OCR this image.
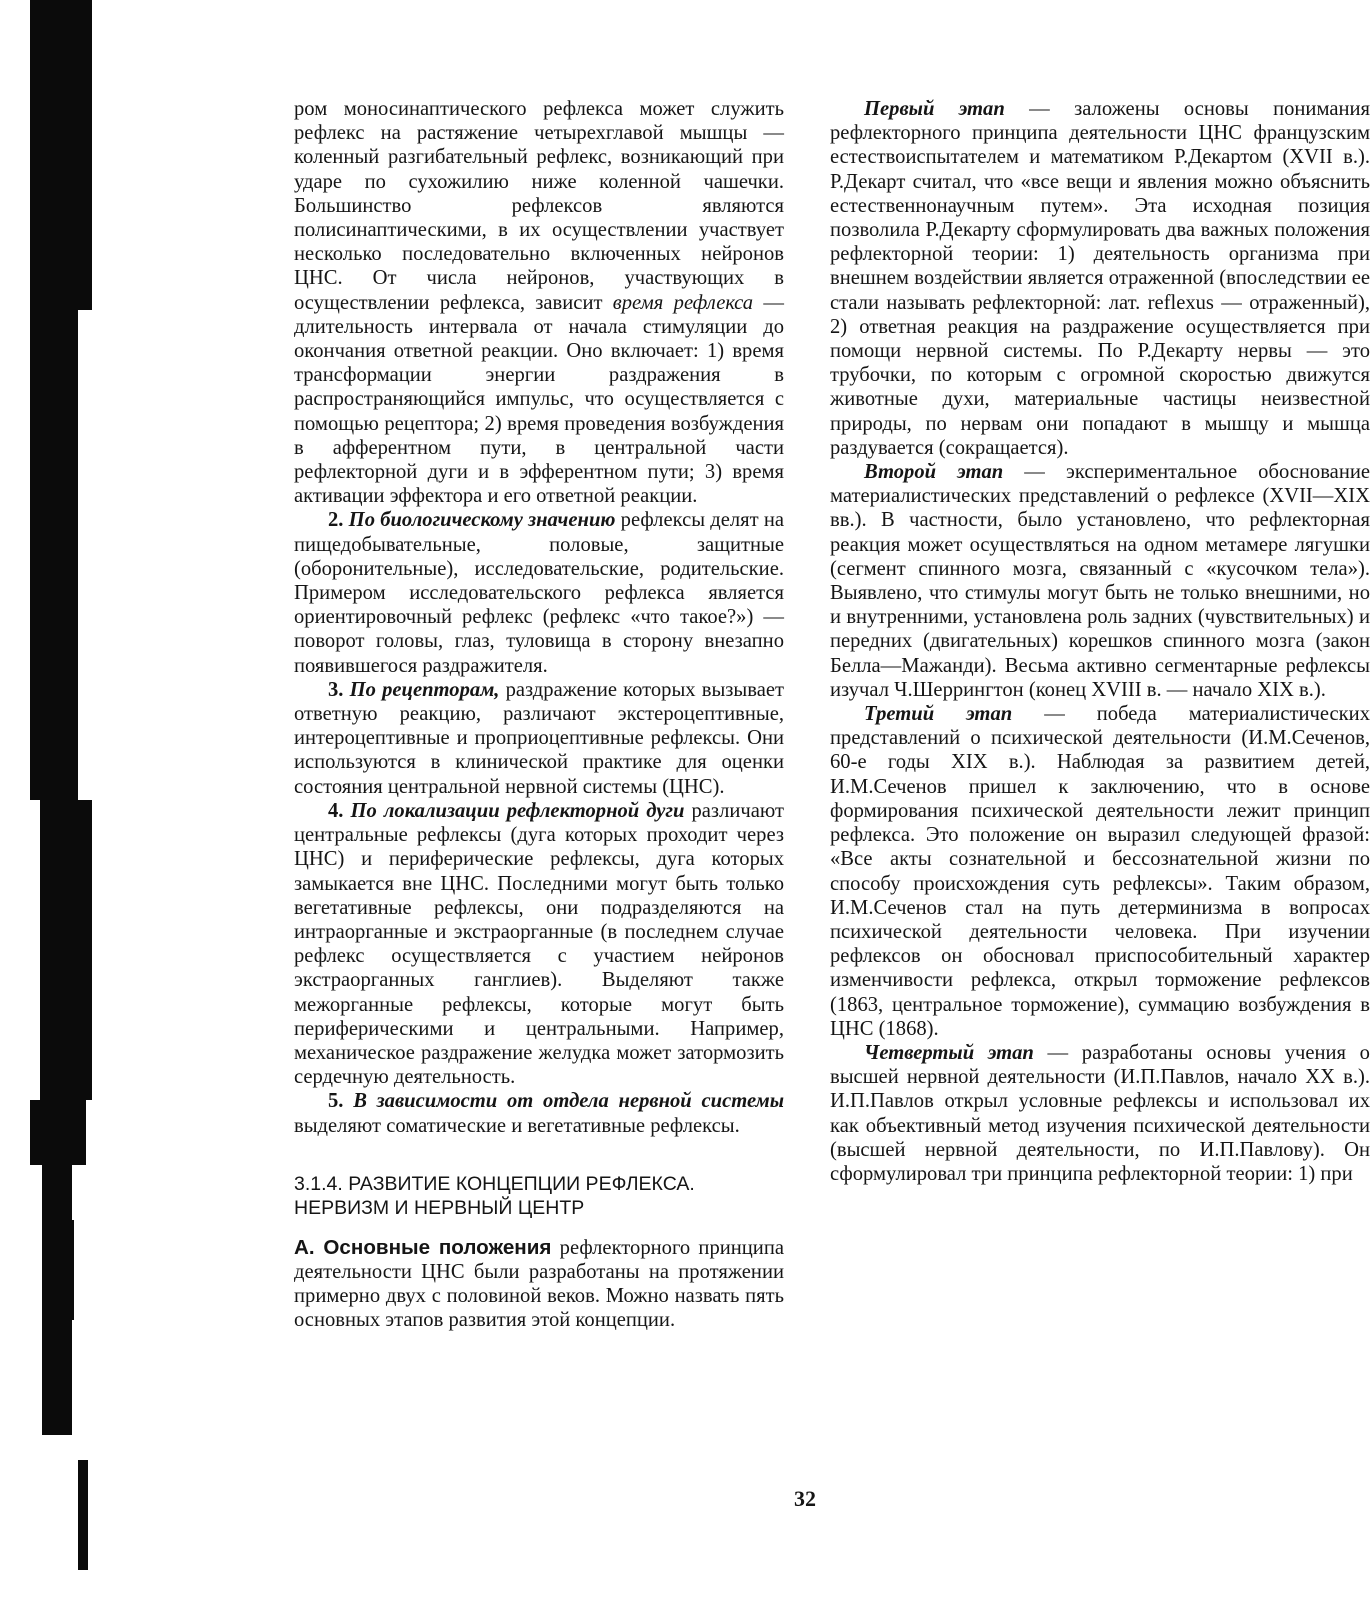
ром моносинаптического рефлекса может служить рефлекс на растяжение четырехглавой мышцы — коленный разгибательный рефлекс, возникающий при ударе по сухожилию ниже коленной чашечки. Большинство рефлексов являются полисинаптическими, в их осуществлении участвует несколько последовательно включенных нейронов ЦНС. От числа нейронов, участвующих в осуществлении рефлекса, зависит время рефлекса — длительность интервала от начала стимуляции до окончания ответной реакции. Оно включает: 1) время трансформации энергии раздражения в распространяющийся импульс, что осуществляется с помощью рецептора; 2) время проведения возбуждения в афферентном пути, в центральной части рефлекторной дуги и в эфферентном пути; 3) время активации эффектора и его ответной реакции.

2. По биологическому значению рефлексы делят на пищедобывательные, половые, защитные (оборонительные), исследовательские, родительские. Примером исследовательского рефлекса является ориентировочный рефлекс (рефлекс «что такое?») — поворот головы, глаз, туловища в сторону внезапно появившегося раздражителя.

3. По рецепторам, раздражение которых вызывает ответную реакцию, различают экстероцептивные, интероцептивные и проприоцептивные рефлексы. Они используются в клинической практике для оценки состояния центральной нервной системы (ЦНС).

4. По локализации рефлекторной дуги различают центральные рефлексы (дуга которых проходит через ЦНС) и периферические рефлексы, дуга которых замыкается вне ЦНС. Последними могут быть только вегетативные рефлексы, они подразделяются на интраорганные и экстраорганные (в последнем случае рефлекс осуществляется с участием нейронов экстраорганных ганглиев). Выделяют также межорганные рефлексы, которые могут быть периферическими и центральными. Например, механическое раздражение желудка может затормозить сердечную деятельность.

5. В зависимости от отдела нервной системы выделяют соматические и вегетативные рефлексы.

3.1.4. РАЗВИТИЕ КОНЦЕПЦИИ РЕФЛЕКСА.
НЕРВИЗМ И НЕРВНЫЙ ЦЕНТР

А. Основные положения рефлекторного принципа деятельности ЦНС были разработаны на протяжении примерно двух с половиной веков. Можно назвать пять основных этапов развития этой концепции.

Первый этап — заложены основы понимания рефлекторного принципа деятельности ЦНС французским естествоиспытателем и математиком Р.Декартом (XVII в.). Р.Декарт считал, что «все вещи и явления можно объяснить естественнонаучным путем». Эта исходная позиция позволила Р.Декарту сформулировать два важных положения рефлекторной теории: 1) деятельность организма при внешнем воздействии является отраженной (впоследствии ее стали называть рефлекторной: лат. reflexus — отраженный), 2) ответная реакция на раздражение осуществляется при помощи нервной системы. По Р.Декарту нервы — это трубочки, по которым с огромной скоростью движутся животные духи, материальные частицы неизвестной природы, по нервам они попадают в мышцу и мышца раздувается (сокращается).

Второй этап — экспериментальное обоснование материалистических представлений о рефлексе (XVII—XIX вв.). В частности, было установлено, что рефлекторная реакция может осуществляться на одном метамере лягушки (сегмент спинного мозга, связанный с «кусочком тела»). Выявлено, что стимулы могут быть не только внешними, но и внутренними, установлена роль задних (чувствительных) и передних (двигательных) корешков спинного мозга (закон Белла—Мажанди). Весьма активно сегментарные рефлексы изучал Ч.Шеррингтон (конец XVIII в. — начало XIX в.).

Третий этап — победа материалистических представлений о психической деятельности (И.М.Сеченов, 60-е годы XIX в.). Наблюдая за развитием детей, И.М.Сеченов пришел к заключению, что в основе формирования психической деятельности лежит принцип рефлекса. Это положение он выразил следующей фразой: «Все акты сознательной и бессознательной жизни по способу происхождения суть рефлексы». Таким образом, И.М.Сеченов стал на путь детерминизма в вопросах психической деятельности человека. При изучении рефлексов он обосновал приспособительный характер изменчивости рефлекса, открыл торможение рефлексов (1863, центральное торможение), суммацию возбуждения в ЦНС (1868).

Четвертый этап — разработаны основы учения о высшей нервной деятельности (И.П.Павлов, начало XX в.). И.П.Павлов открыл условные рефлексы и использовал их как объективный метод изучения психической деятельности (высшей нервной деятельности, по И.П.Павлову). Он сформулировал три принципа рефлекторной теории: 1) при

32
